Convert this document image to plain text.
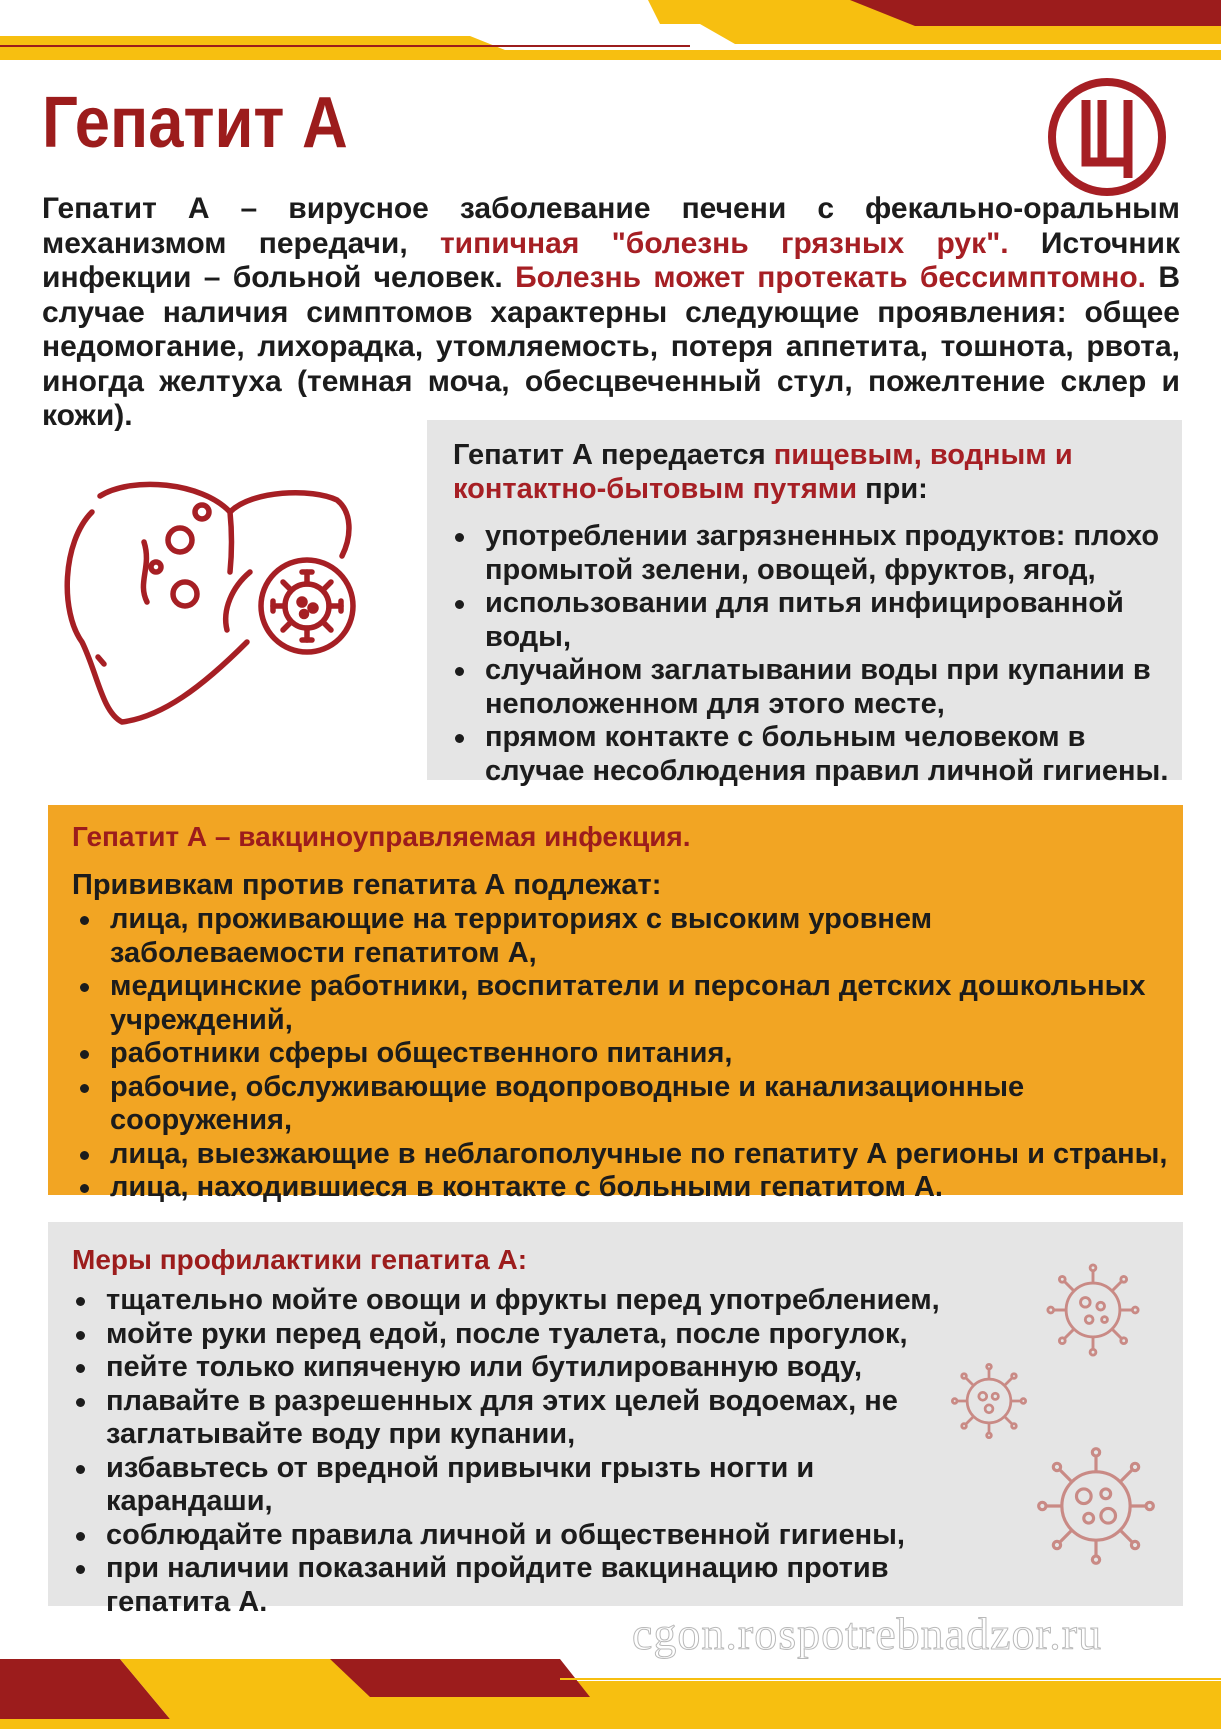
Гепатит А

Гепатит А – вирусное заболевание печени с фекально-оральным механизмом передачи, типичная "болезнь грязных рук". Источник инфекции – больной человек. Болезнь может протекать бессимптомно. В случае наличия симптомов характерны следующие проявления: общее недомогание, лихорадка, утомляемость, потеря аппетита, тошнота, рвота, иногда желтуха (темная моча, обесцвеченный стул, пожелтение склер и кожи).

Гепатит А передается пищевым, водным и контактно-бытовым путями при:

употреблении загрязненных продуктов: плохо промытой зелени, овощей, фруктов, ягод,
использовании для питья инфицированной воды,
случайном заглатывании воды при купании в неположенном для этого месте,
прямом контакте с больным человеком в случае несоблюдения правил личной гигиены.

Гепатит А – вакциноуправляемая инфекция.

Прививкам против гепатита А подлежат:

лица, проживающие на территориях с высоким уровнем заболеваемости гепатитом А,
медицинские работники, воспитатели и персонал детских дошкольных учреждений,
работники сферы общественного питания,
рабочие, обслуживающие водопроводные и канализационные сооружения,
лица, выезжающие в неблагополучные по гепатиту А регионы и страны,
лица, находившиеся в контакте с больными гепатитом А.

Меры профилактики гепатита А:

тщательно мойте овощи и фрукты перед употреблением,
мойте руки перед едой, после туалета, после прогулок,
пейте только кипяченую или бутилированную воду,
плавайте в разрешенных для этих целей водоемах, не заглатывайте воду при купании,
избавьтесь от вредной привычки грызть ногти и карандаши,
соблюдайте правила личной и общественной гигиены,
при наличии показаний пройдите вакцинацию против гепатита А.

cgon.rospotrebnadzor.ru
